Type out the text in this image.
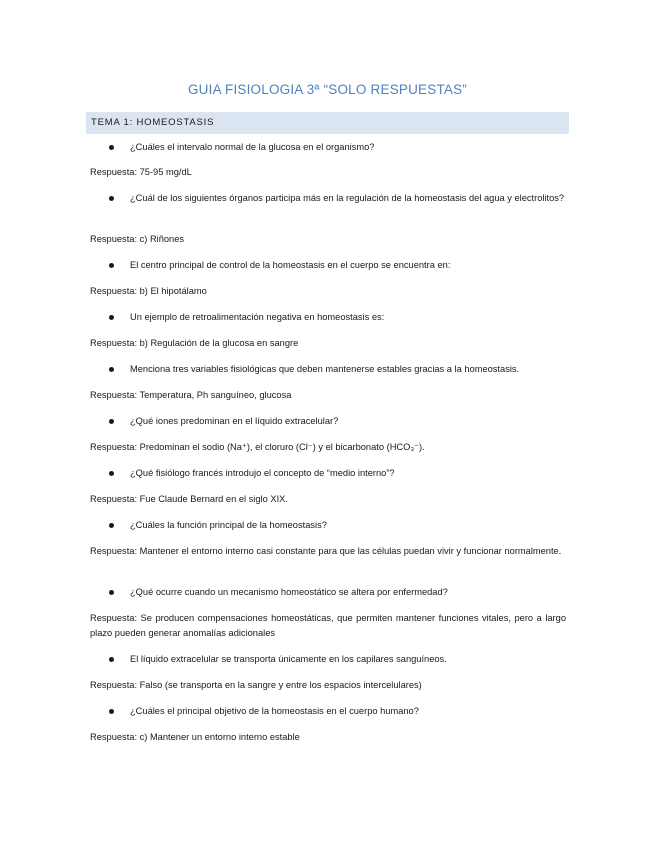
GUIA FISIOLOGIA 3ª “SOLO RESPUESTAS”
TEMA 1: HOMEOSTASIS
¿Cuáles el intervalo normal de la glucosa en el organismo?
Respuesta: 75-95 mg/dL
¿Cuál de los siguientes órganos participa más en la regulación de la homeostasis del agua y electrolitos?
Respuesta: c) Riñones
El centro principal de control de la homeostasis en el cuerpo se encuentra en:
Respuesta: b) El hipotálamo
Un ejemplo de retroalimentación negativa en homeostasis es:
Respuesta: b) Regulación de la glucosa en sangre
Menciona tres variables fisiológicas que deben mantenerse estables gracias a la homeostasis.
Respuesta: Temperatura, Ph sanguíneo, glucosa
¿Qué iones predominan en el líquido extracelular?
Respuesta: Predominan el sodio (Na⁺), el cloruro (Cl⁻) y el bicarbonato (HCO₃⁻).
¿Qué fisiólogo francés introdujo el concepto de “medio interno”?
Respuesta: Fue Claude Bernard en el siglo XIX.
¿Cuáles la función principal de la homeostasis?
Respuesta: Mantener el entorno interno casi constante para que las células puedan vivir y funcionar normalmente.
¿Qué ocurre cuando un mecanismo homeostático se altera por enfermedad?
Respuesta: Se producen compensaciones homeostáticas, que permiten mantener funciones vitales, pero a largo plazo pueden generar anomalías adicionales
El líquido extracelular se transporta únicamente en los capilares sanguíneos.
Respuesta: Falso (se transporta en la sangre y entre los espacios intercelulares)
¿Cuáles el principal objetivo de la homeostasis en el cuerpo humano?
Respuesta: c) Mantener un entorno interno estable
